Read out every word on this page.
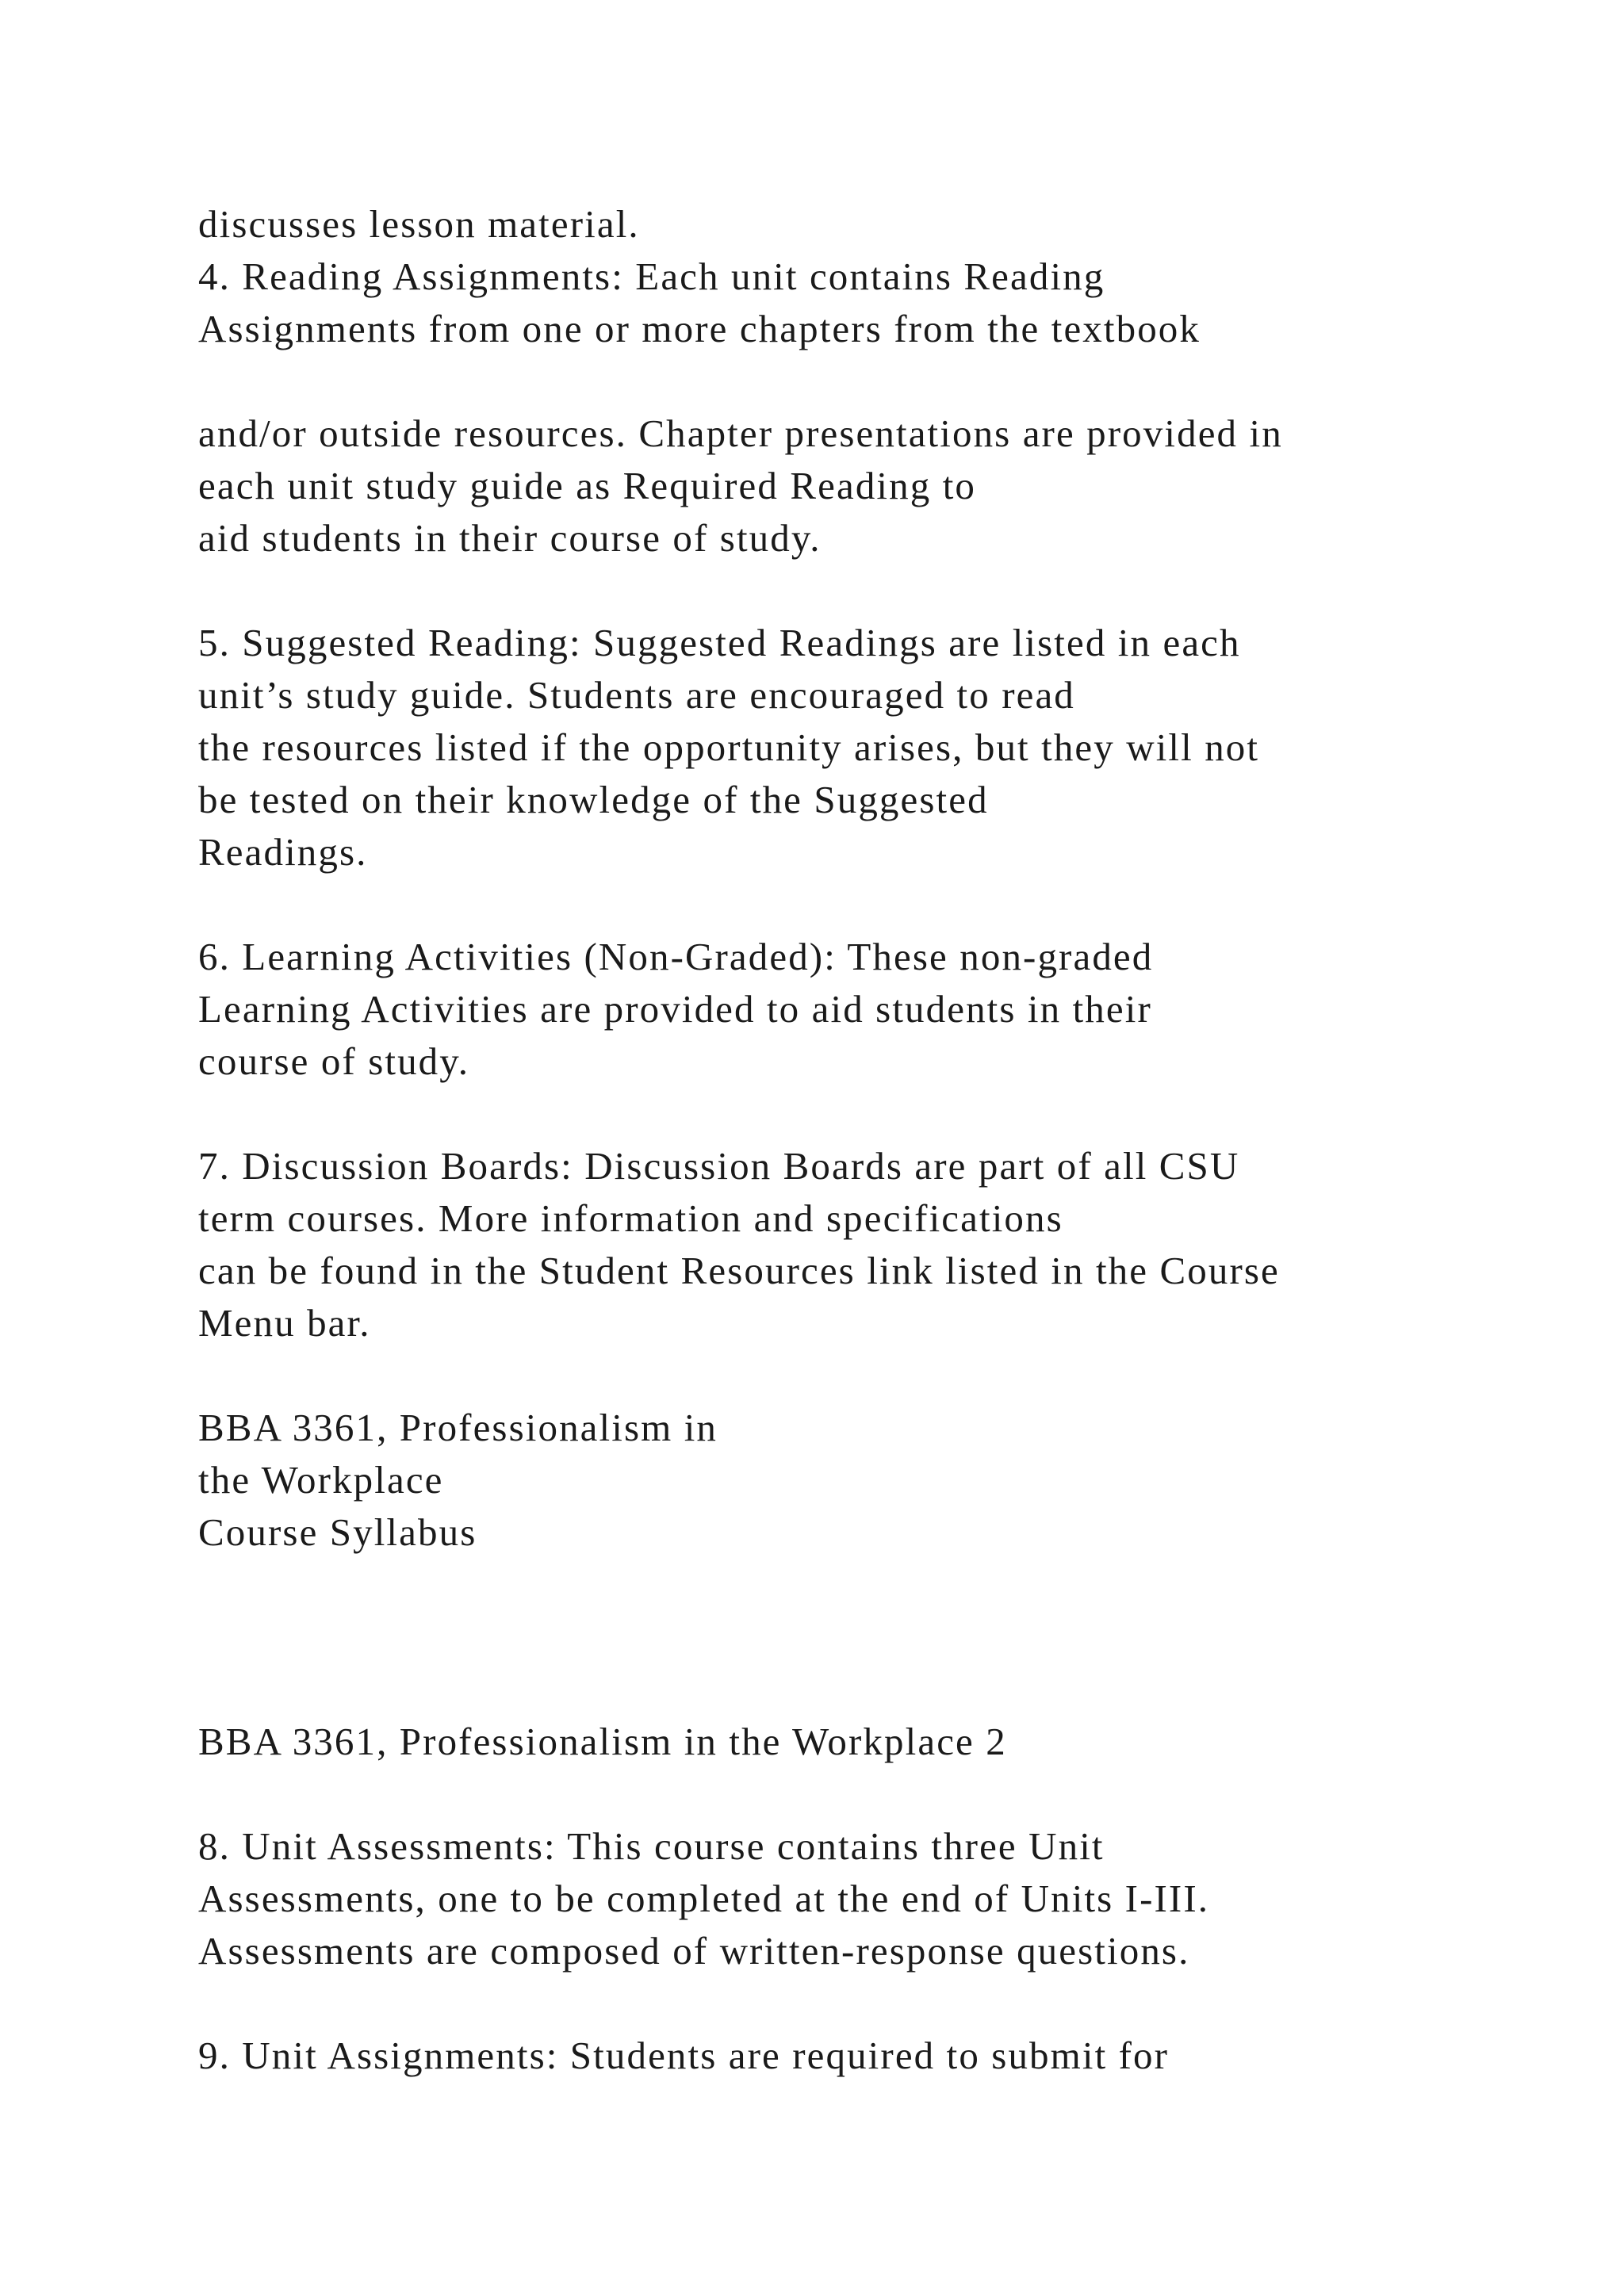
discusses lesson material.

4. Reading Assignments: Each unit contains Reading

Assignments from one or more chapters from the textbook

and/or outside resources. Chapter presentations are provided in

each unit study guide as Required Reading to

aid students in their course of study.

5. Suggested Reading: Suggested Readings are listed in each

unit’s study guide. Students are encouraged to read

the resources listed if the opportunity arises, but they will not

be tested on their knowledge of the Suggested

Readings.

6. Learning Activities (Non-Graded): These non-graded

Learning Activities are provided to aid students in their

course of study.

7. Discussion Boards: Discussion Boards are part of all CSU

term courses. More information and specifications

can be found in the Student Resources link listed in the Course

Menu bar.

BBA 3361, Professionalism in

the Workplace

Course Syllabus

BBA 3361, Professionalism in the Workplace 2

8. Unit Assessments: This course contains three Unit

Assessments, one to be completed at the end of Units I-III.

Assessments are composed of written-response questions.

9. Unit Assignments: Students are required to submit for
